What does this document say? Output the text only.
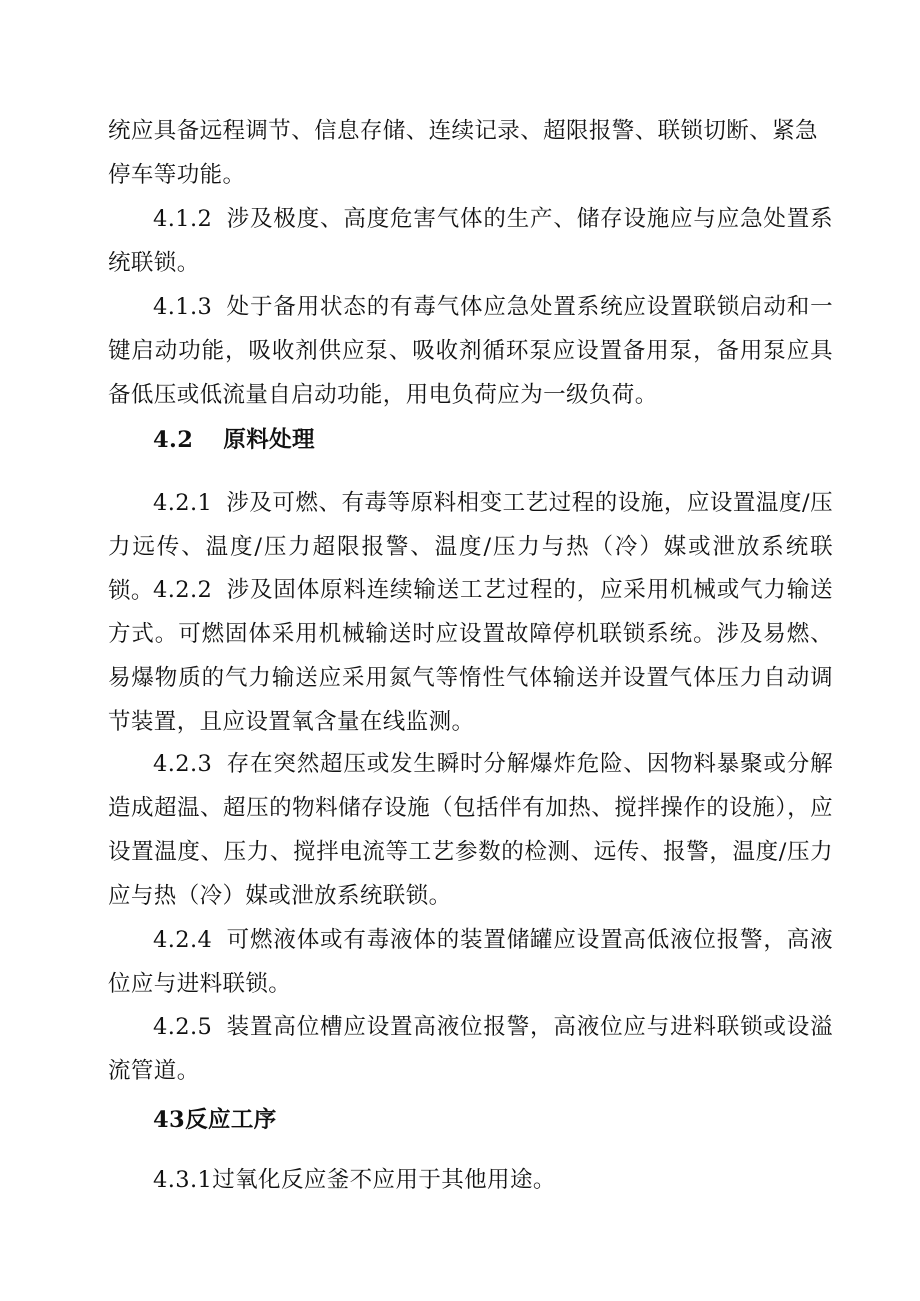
统应具备远程调节、信息存储、连续记录、超限报警、联锁切断、紧急停车等功能。

4.1.2 涉及极度、高度危害气体的生产、储存设施应与应急处置系统联锁。

4.1.3 处于备用状态的有毒气体应急处置系统应设置联锁启动和一键启动功能，吸收剂供应泵、吸收剂循环泵应设置备用泵，备用泵应具备低压或低流量自启动功能，用电负荷应为一级负荷。

4.2 原料处理

4.2.1 涉及可燃、有毒等原料相变工艺过程的设施，应设置温度/压力远传、温度/压力超限报警、温度/压力与热（冷）媒或泄放系统联锁。 4.2.2 涉及固体原料连续输送工艺过程的，应采用机械或气力输送方式。可燃固体采用机械输送时应设置故障停机联锁系统。涉及易燃、易爆物质的气力输送应采用氮气等惰性气体输送并设置气体压力自动调节装置，且应设置氧含量在线监测。

4.2.3 存在突然超压或发生瞬时分解爆炸危险、因物料暴聚或分解造成超温、超压的物料储存设施（包括伴有加热、搅拌操作的设施），应设置温度、压力、搅拌电流等工艺参数的检测、远传、报警，温度/压力应与热（冷）媒或泄放系统联锁。

4.2.4 可燃液体或有毒液体的装置储罐应设置高低液位报警，高液位应与进料联锁。

4.2.5 装置高位槽应设置高液位报警，高液位应与进料联锁或设溢流管道。

43反应工序

4.3.1过氧化反应釜不应用于其他用途。
